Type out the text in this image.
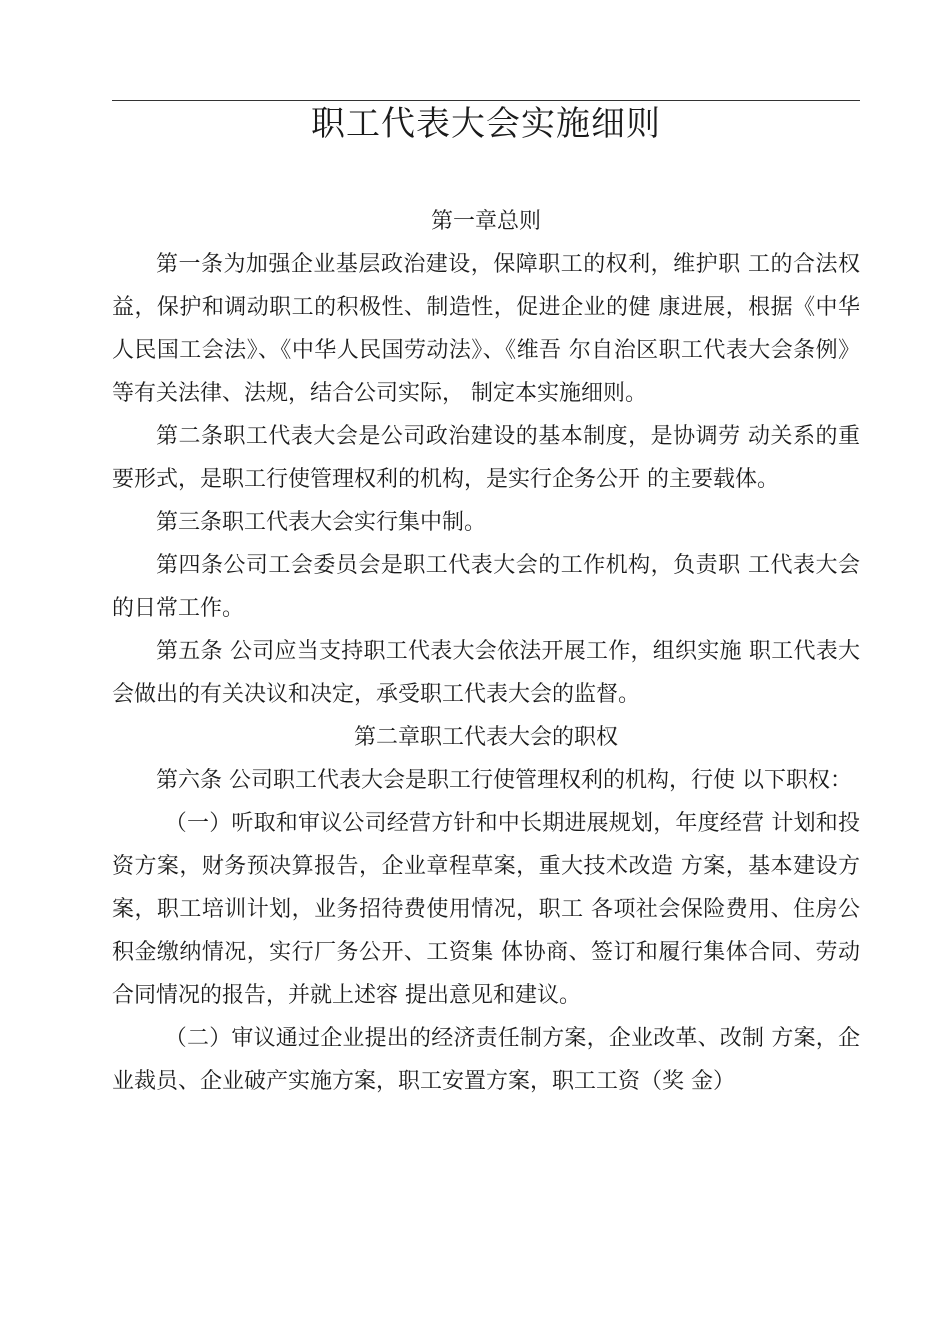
职工代表大会实施细则

第一章总则

第一条为加强企业基层政治建设，保障职工的权利，维护职 工的合法权益，保护和调动职工的积极性、制造性，促进企业的健 康进展，根据《中华人民国工会法》、《中华人民国劳动法》、《维吾 尔自治区职工代表大会条例》等有关法律、法规，结合公司实际， 制定本实施细则。

第二条职工代表大会是公司政治建设的基本制度，是协调劳 动关系的重要形式，是职工行使管理权利的机构，是实行企务公开 的主要载体。

第三条职工代表大会实行集中制。

第四条公司工会委员会是职工代表大会的工作机构，负责职 工代表大会的日常工作。

第五条 公司应当支持职工代表大会依法开展工作，组织实施 职工代表大会做出的有关决议和决定，承受职工代表大会的监督。

第二章职工代表大会的职权

第六条 公司职工代表大会是职工行使管理权利的机构，行使 以下职权：

（一）听取和审议公司经营方针和中长期进展规划，年度经营 计划和投资方案，财务预决算报告，企业章程草案，重大技术改造 方案，基本建设方案，职工培训计划，业务招待费使用情况，职工 各项社会保险费用、住房公积金缴纳情况，实行厂务公开、工资集 体协商、签订和履行集体合同、劳动合同情况的报告，并就上述容 提出意见和建议。

（二）审议通过企业提出的经济责任制方案，企业改革、改制 方案，企业裁员、企业破产实施方案，职工安置方案，职工工资（奖 金）
